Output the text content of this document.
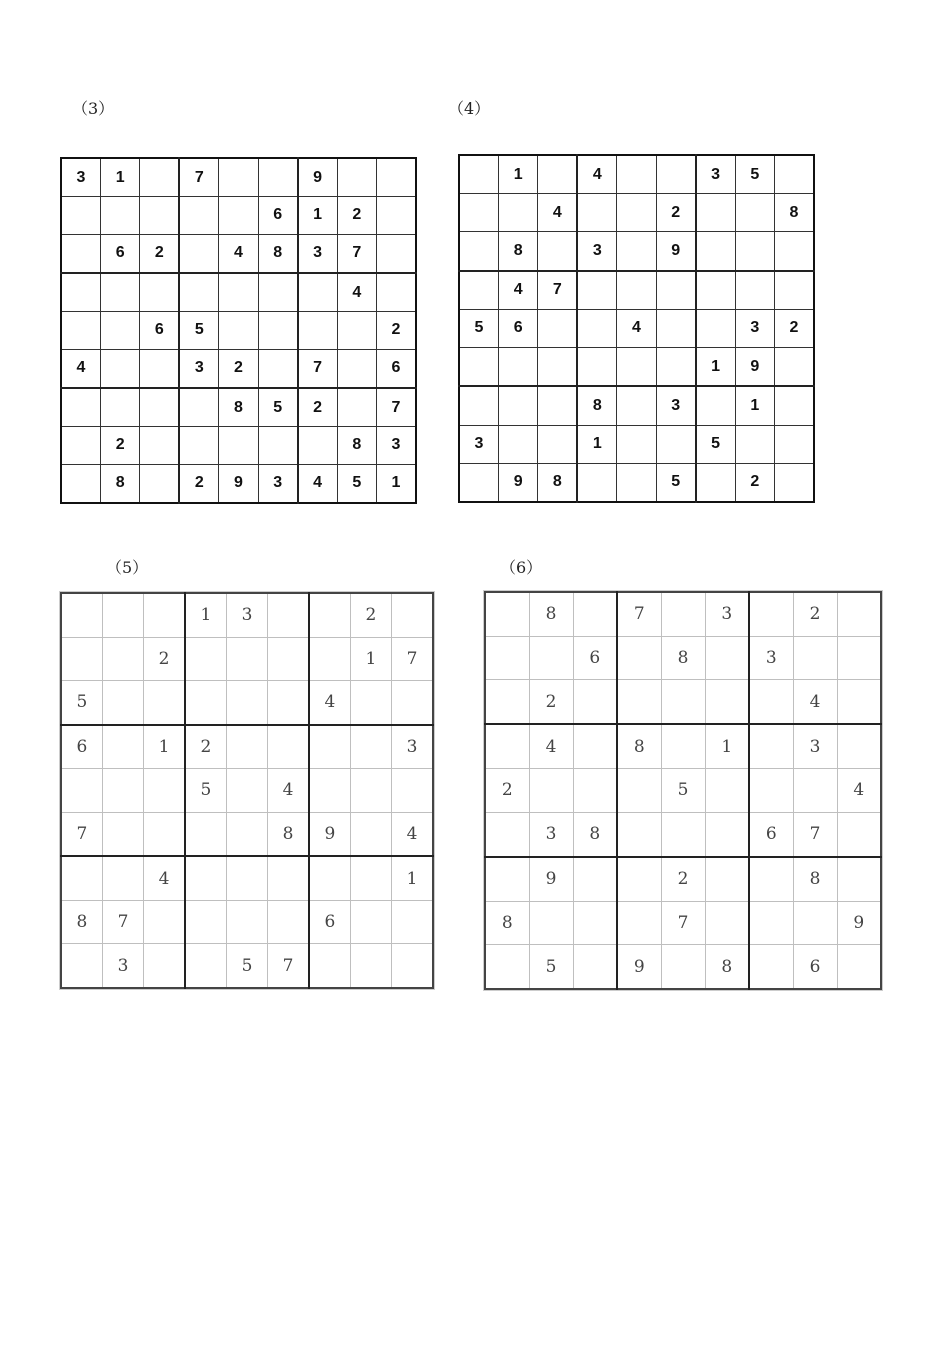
（3）	（4）
（5）	（6）
3	1		7			9		
					6	1	2	
	6	2		4	8	3	7	
							4	
		6	5					2
4			3	2		7		6
				8	5	2		7
	2						8	3
	8		2	9	3	4	5	1
	1		4			3	5	
		4			2			8
	8		3		9			
	4	7						
5	6			4			3	2
						1	9	
			8		3		1	
3			1			5		
	9	8			5		2	
			1	3			2	
		2					1	7
5						4		
6		1	2					3
			5		4			
7					8	9		4
		4						1
8	7					6		
	3			5	7			
	8		7		3		2	
		6		8		3		
	2						4	
	4		8		1		3	
2				5				4
	3	8				6	7	
	9			2			8	
8				7				9
	5		9		8		6	
